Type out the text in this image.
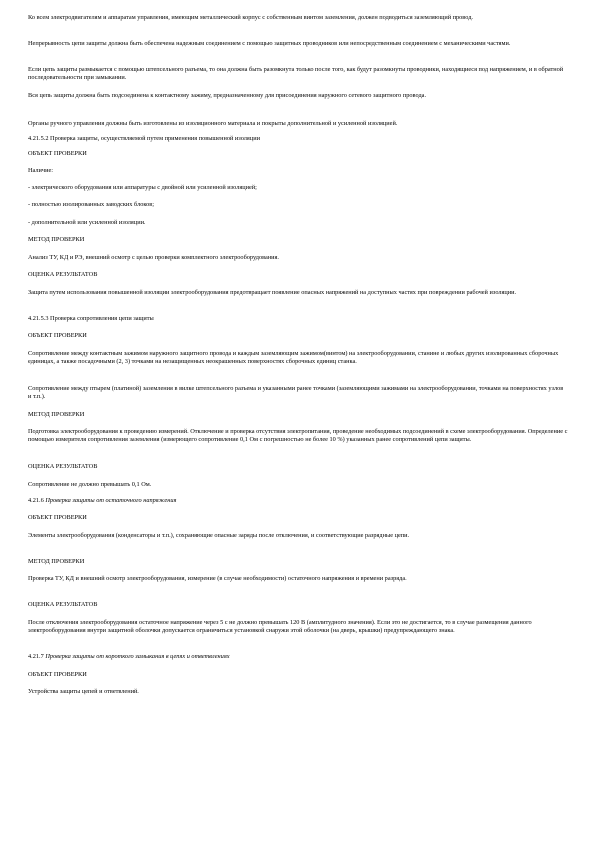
Ко всем электродвигателям и аппаратам управления, имеющим металлический корпус с собственным винтом заземления, должен подводиться заземляющий провод.

Непрерывность цепи защиты должна быть обеспечена надежным соединением с помощью защитных проводников или непосредственным соединением с механическими частями.

Если цепь защиты размыкается с помощью штепсельного разъема, то она должна быть разомкнута только после того, как будут разомкнуты проводники, находящиеся под напряжением, и в обратной последовательности при замыкании.

Вся цепь защиты должна быть подсоединена к контактному зажиму, предназначенному для присоединения наружного сетевого защитного провода.

Органы ручного управления должны быть изготовлены из изоляционного материала и покрыты дополнительной и усиленной изоляцией.

4.21.5.2 Проверка защиты, осуществляемой путем применения повышенной изоляции

ОБЪЕКТ ПРОВЕРКИ

Наличие:

- электрического оборудования или аппаратуры с двойной или усиленной изоляцией;

- полностью изолированных заводских блоков;

- дополнительной или усиленной изоляции.

МЕТОД ПРОВЕРКИ

Анализ ТУ, КД и РЭ, внешний осмотр с целью проверки комплектного электрооборудования.

ОЦЕНКА РЕЗУЛЬТАТОВ

Защита путем использования повышенной изоляции электрооборудования предотвращает появление опасных напряжений на доступных частях при повреждении рабочей изоляции.

4.21.5.3 Проверка сопротивления цепи защиты

ОБЪЕКТ ПРОВЕРКИ

Сопротивление между контактным зажимом наружного защитного провода и каждым заземляющим зажимом(винтом) на электрооборудовании, станине и любых других изолированных сборочных единицах, а также посадочными (2, 3) точками на незащищенных неокрашенных поверхностях сборочных единиц станка.

Сопротивление между птырем (платиной) заземления в вилке штепсельного разъема и указанными ранее точками (заземляющими зажимами на электрооборудовании, точками на поверхностях узлов и т.п.).

МЕТОД ПРОВЕРКИ

Подготовка электрооборудования к проведению измерений. Отключение и проверка отсутствия электропитания, проведение необходимых подсоединений в схеме электрооборудования. Определение с помощью измерителя сопротивления заземления (измерющего сопротивление 0,1 Ом с погрешностью не более 10 %) указанных ранее сопротивлений цепи защиты.

ОЦЕНКА РЕЗУЛЬТАТОВ

Сопротивление не должно превышать 0,1 Ом.

4.21.6 Проверка защиты от остаточного напряжения

ОБЪЕКТ ПРОВЕРКИ

Элементы электрооборудования (конденсаторы и т.п.), сохраняющие опасные заряды после отключения, и соответствующие разрядные цепи.

МЕТОД ПРОВЕРКИ

Проверка ТУ, КД и внешний осмотр электрооборудования, измерение (в случае необходимости) остаточного напряжения и времени разряда.

ОЦЕНКА РЕЗУЛЬТАТОВ

После отключения электрооборудования остаточное напряжение через 5 с не должно превышать 120 В (амплитудного значения). Если это не достигается, то в случае размещения данного электрооборудования внутри защитной оболочки допускается ограничиться установкой снаружи этой оболочки (на дверь, крышки) предупреждающего знака.

4.21.7 Проверка защиты от короткого замыкания в цепях и ответвлениях

ОБЪЕКТ ПРОВЕРКИ

Устройства защиты цепей и ответвлений.
